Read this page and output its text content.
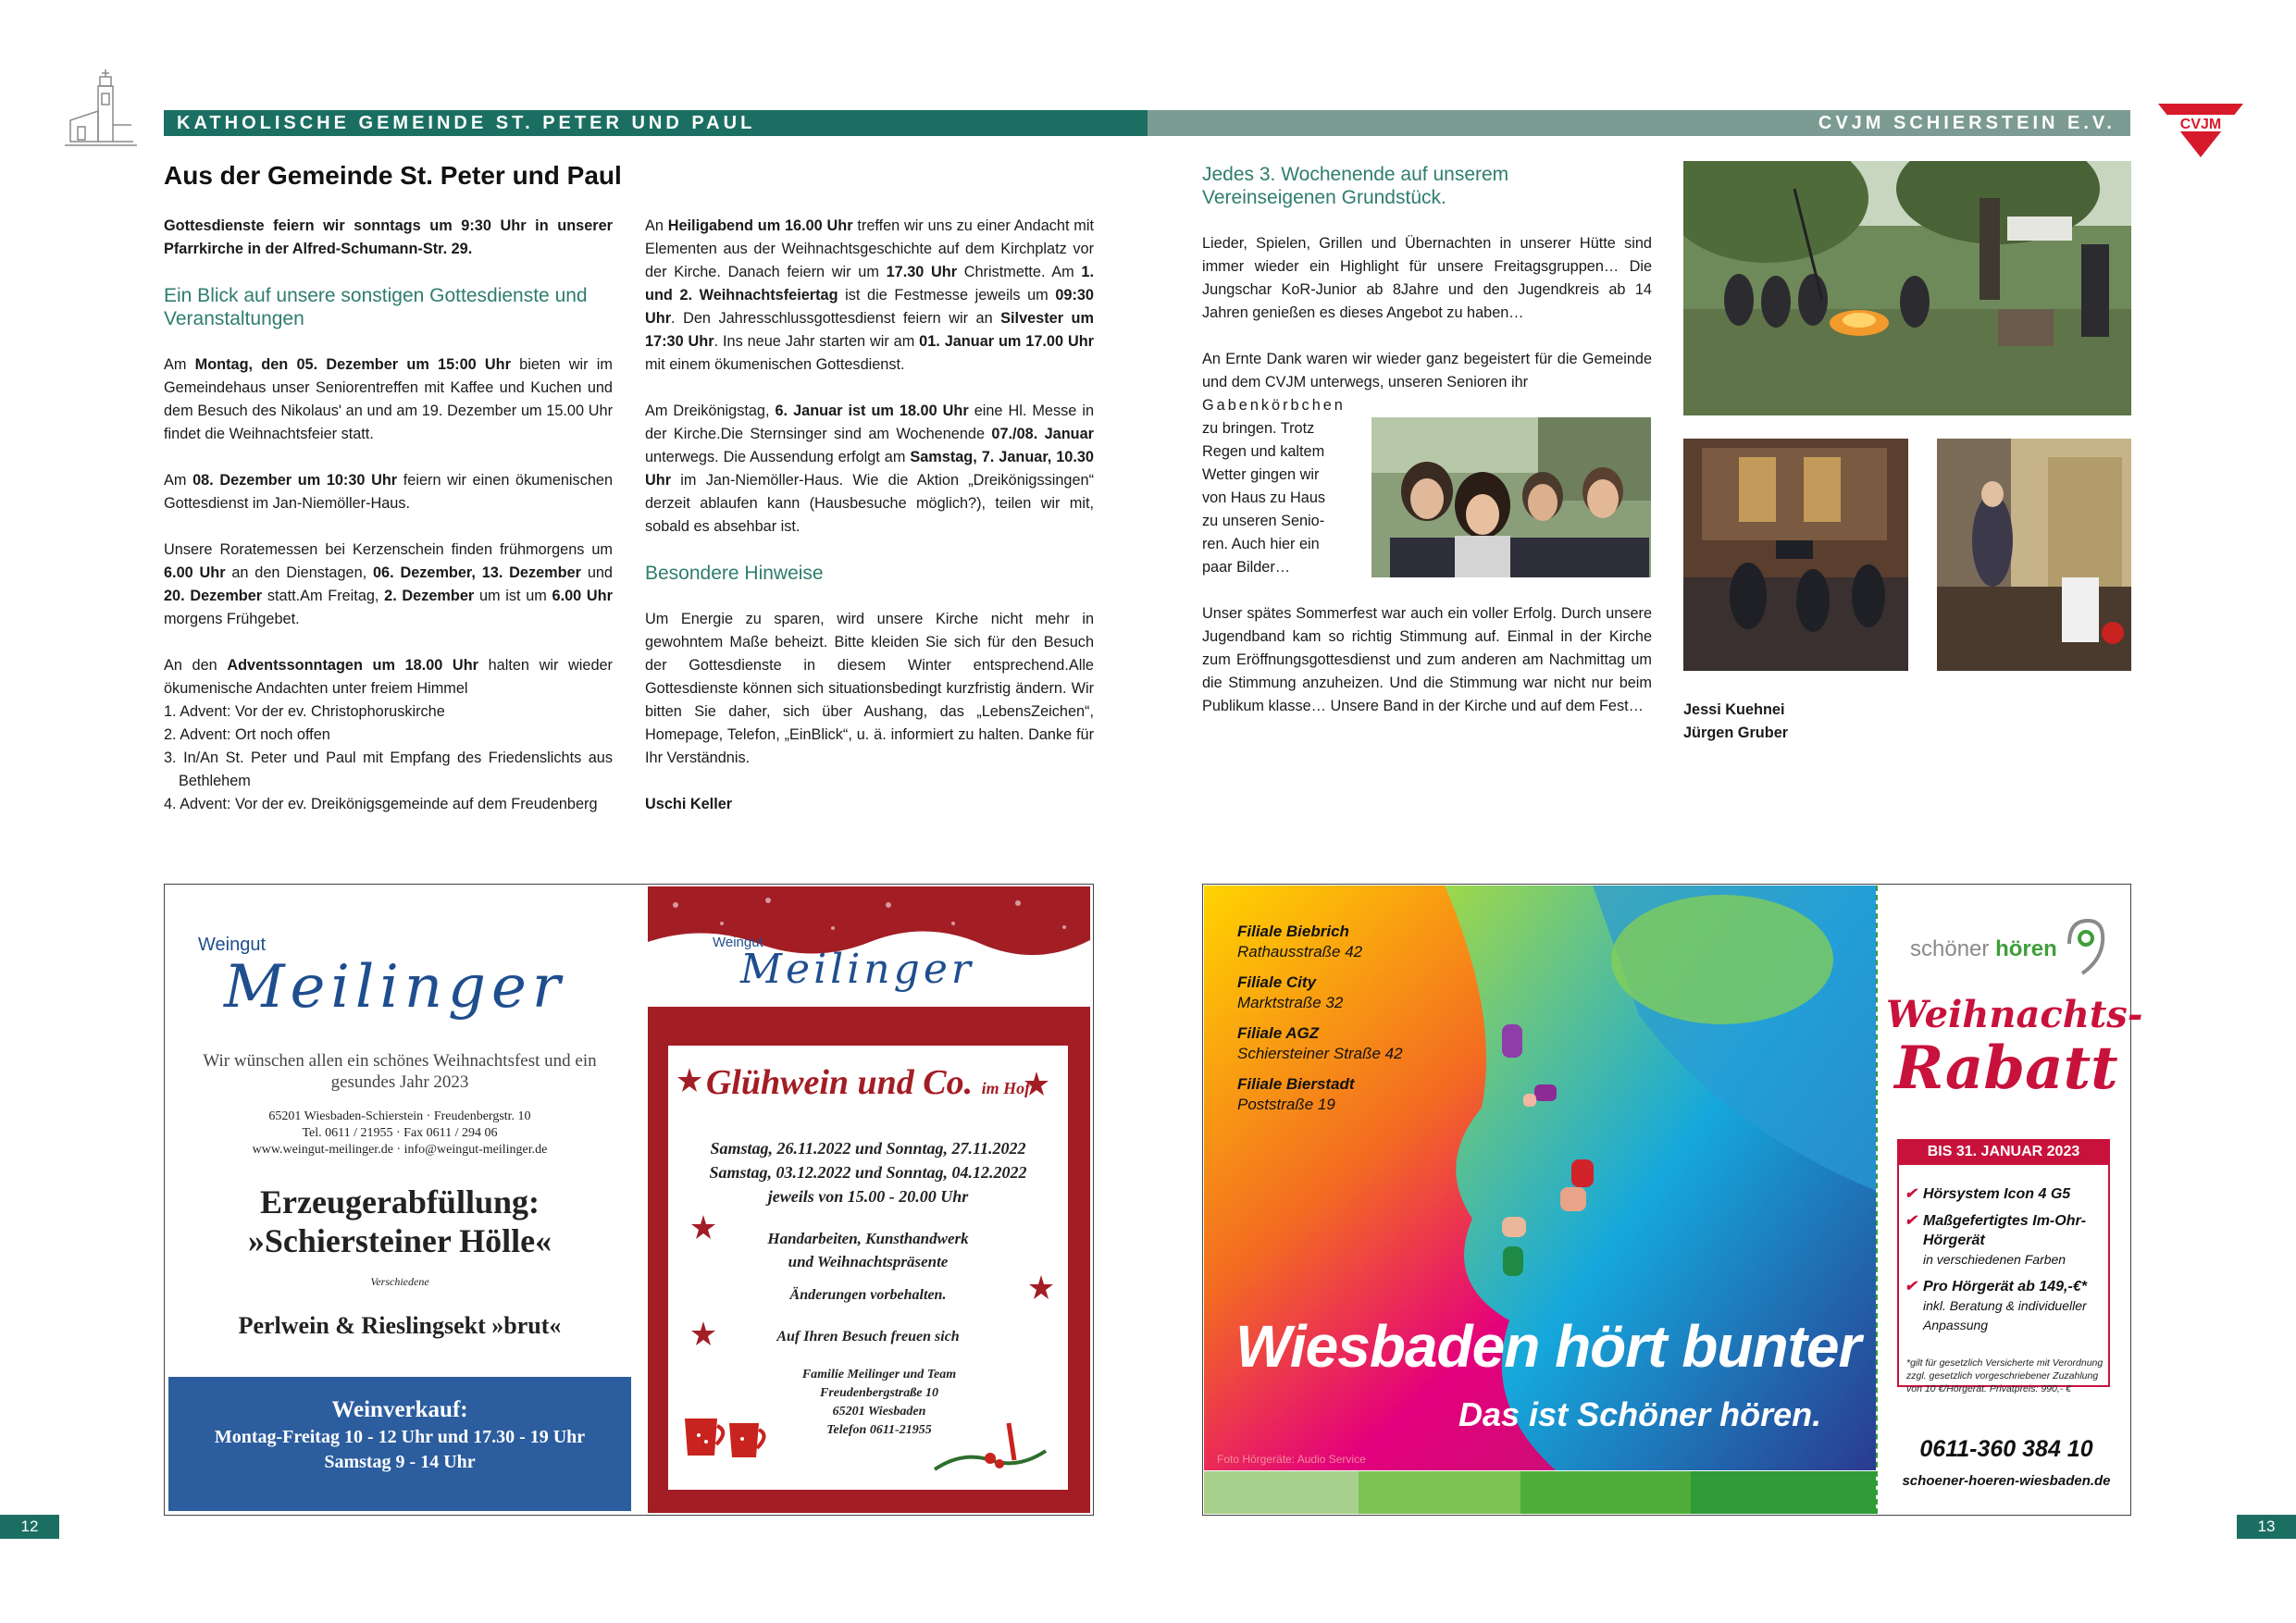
KATHOLISCHE GEMEINDE ST. PETER UND PAUL	CVJM SCHIERSTEIN E.V.	CVJM
Aus der Gemeinde St. Peter und Paul

Gottesdienste feiern wir sonntags um 9:30 Uhr in unserer Pfarrkirche in der Alfred-Schumann-Str. 29.

Ein Blick auf unsere sonstigen Gottesdienste und Veranstaltungen

Am Montag, den 05. Dezember um 15:00 Uhr bieten wir im Gemeindehaus unser Seniorentreffen mit Kaffee und Kuchen und dem Besuch des Nikolaus' an und am 19. Dezember um 15.00 Uhr findet die Weihnachtsfeier statt.

Am 08. Dezember um 10:30 Uhr feiern wir einen ökumenischen Gottesdienst im Jan-Niemöller-Haus.

Unsere Roratemessen bei Kerzenschein finden frühmorgens um 6.00 Uhr an den Dienstagen, 06. Dezember, 13. Dezember und 20. Dezember statt.Am Freitag, 2. Dezember um ist um 6.00 Uhr morgens Frühgebet.

An den Adventssonntagen um 18.00 Uhr halten wir wieder ökumenische Andachten unter freiem Himmel
1. Advent: Vor der ev. Christophoruskirche
2. Advent: Ort noch offen
3. In/An St. Peter und Paul mit Empfang des Friedenslichts aus Bethlehem
4. Advent: Vor der ev. Dreikönigsgemeinde auf dem Freudenberg

An Heiligabend um 16.00 Uhr treffen wir uns zu einer Andacht mit Elementen aus der Weihnachtsgeschichte auf dem Kirchplatz vor der Kirche. Danach feiern wir um 17.30 Uhr Christmette. Am 1. und 2. Weihnachtsfeiertag ist die Festmesse jeweils um 09:30 Uhr. Den Jahresschlussgottesdienst feiern wir an Silvester um 17:30 Uhr. Ins neue Jahr starten wir am 01. Januar um 17.00 Uhr mit einem ökumenischen Gottesdienst.

Am Dreikönigstag, 6. Januar ist um 18.00 Uhr eine Hl. Messe in der Kirche.Die Sternsinger sind am Wochenende 07./08. Januar unterwegs. Die Aussendung erfolgt am Samstag, 7. Januar, 10.30 Uhr im Jan-Niemöller-Haus. Wie die Aktion „Dreikönigssingen“ derzeit ablaufen kann (Hausbesuche möglich?), teilen wir mit, sobald es absehbar ist.

Besondere Hinweise

Um Energie zu sparen, wird unsere Kirche nicht mehr in gewohntem Maße beheizt. Bitte kleiden Sie sich für den Besuch der Gottesdienste in diesem Winter entsprechend.Alle Gottesdienste können sich situationsbedingt kurzfristig ändern. Wir bitten Sie daher, sich über Aushang, das „LebensZeichen“, Homepage, Telefon, „EinBlick“, u. ä. informiert zu halten. Danke für Ihr Verständnis.

Uschi Keller
Jedes 3. Wochenende auf unserem Vereinseigenen Grundstück.

Lieder, Spielen, Grillen und Übernachten in unserer Hütte sind immer wieder ein Highlight für unsere Freitagsgruppen… Die Jungschar KoR-Junior ab 8Jahre und den Jugendkreis ab 14 Jahren genießen es dieses Angebot zu haben…

An Ernte Dank waren wir wieder ganz begeistert für die Gemeinde und dem CVJM unterwegs, unseren Senioren ihr
Gabenkörbchen
zu bringen. Trotz
Regen und kaltem
Wetter gingen wir
von Haus zu Haus
zu unseren Senio-
ren. Auch hier ein
paar Bilder…

Unser spätes Sommerfest war auch ein voller Erfolg. Durch unsere Jugendband kam so richtig Stimmung auf. Einmal in der Kirche zum Eröffnungsgottesdienst und zum anderen am Nachmittag um die Stimmung anzuheizen. Und die Stimmung war nicht nur beim Publikum klasse… Unsere Band in der Kirche und auf dem Fest…	Jessi Kuehnei
Jürgen Gruber
Weingut
Meilinger
Wir wünschen allen ein schönes Weihnachtsfest und ein gesundes Jahr 2023
65201 Wiesbaden-Schierstein · Freudenbergstr. 10
Tel. 0611 / 21955 · Fax 0611 / 294 06
www.weingut-meilinger.de · info@weingut-meilinger.de
Erzeugerabfüllung:
»Schiersteiner Hölle«
Verschiedene
Perlwein & Rieslingsekt »brut«
Weinverkauf:
Montag-Freitag 10 - 12 Uhr und 17.30 - 19 Uhr
Samstag 9 - 14 Uhr
Weingut
Meilinger
Glühwein und Co. im Hof
Samstag, 26.11.2022 und Sonntag, 27.11.2022
Samstag, 03.12.2022 und Sonntag, 04.12.2022
jeweils von 15.00 - 20.00 Uhr
Handarbeiten, Kunsthandwerk
und Weihnachtspräsente
Änderungen vorbehalten.
Auf Ihren Besuch freuen sich
Familie Meilinger und Team
Freudenbergstraße 10
65201 Wiesbaden
Telefon 0611-21955
Filiale Biebrich
Rathausstraße 42
Filiale City
Marktstraße 32
Filiale AGZ
Schiersteiner Straße 42
Filiale Bierstadt
Poststraße 19
Wiesbaden hört bunter
Das ist Schöner hören.
Foto Hörgeräte: Audio Service
schöner hören
Weihnachts-
Rabatt
BIS 31. JANUAR 2023
✔ Hörsystem Icon 4 G5
✔ Maßgefertigtes Im-Ohr-Hörgerät
in verschiedenen Farben
✔ Pro Hörgerät ab 149,-€*
inkl. Beratung & individueller Anpassung
*gilt für gesetzlich Versicherte mit Verordnung zzgl. gesetzlich vorgeschriebener Zuzahlung von 10 €/Hörgerät. Privatpreis: 990,- €
0611-360 384 10
schoener-hoeren-wiesbaden.de
12	13
